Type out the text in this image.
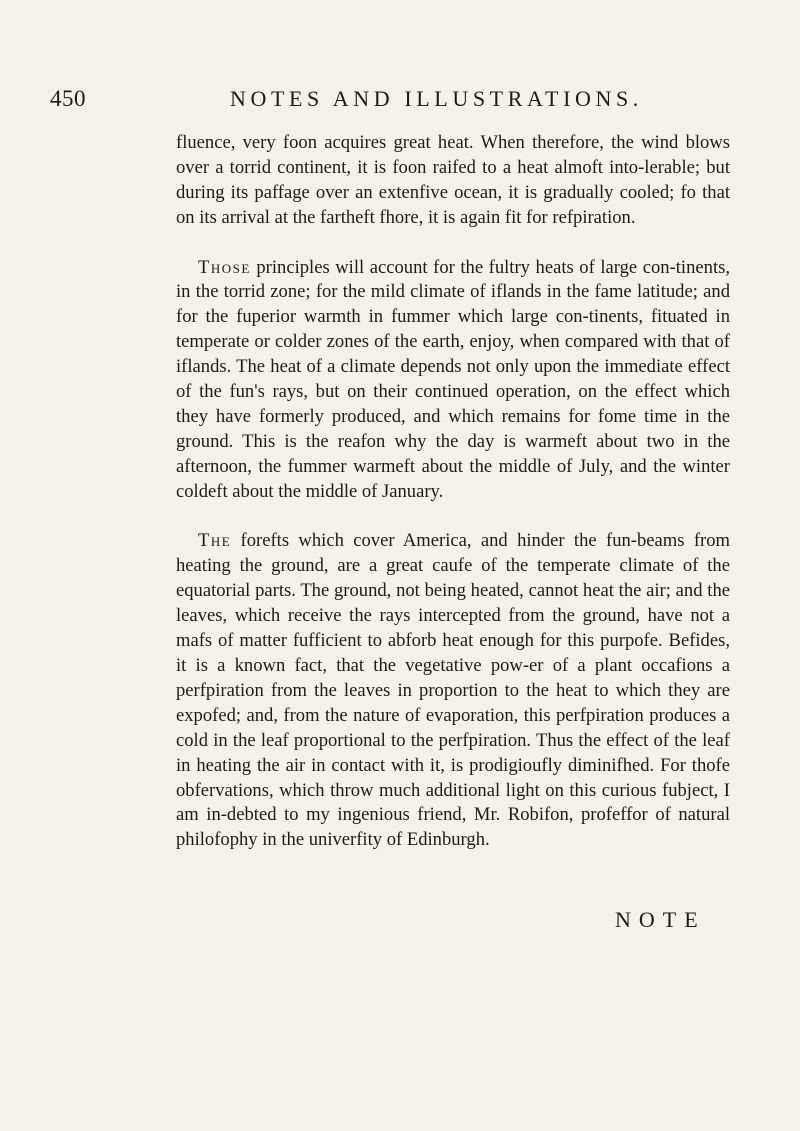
450	NOTES AND ILLUSTRATIONS.

fluence, very foon acquires great heat. When therefore, the wind blows over a torrid continent, it is foon raifed to a heat almoft into-lerable; but during its paffage over an extenfive ocean, it is gradually cooled; fo that on its arrival at the fartheft fhore, it is again fit for refpiration.

Those principles will account for the fultry heats of large con-tinents, in the torrid zone; for the mild climate of iflands in the fame latitude; and for the fuperior warmth in fummer which large con-tinents, fituated in temperate or colder zones of the earth, enjoy, when compared with that of iflands. The heat of a climate depends not only upon the immediate effect of the fun's rays, but on their continued operation, on the effect which they have formerly produced, and which remains for fome time in the ground. This is the reafon why the day is warmeft about two in the afternoon, the fummer warmeft about the middle of July, and the winter coldeft about the middle of January.

The forefts which cover America, and hinder the fun-beams from heating the ground, are a great caufe of the temperate climate of the equatorial parts. The ground, not being heated, cannot heat the air; and the leaves, which receive the rays intercepted from the ground, have not a mafs of matter fufficient to abforb heat enough for this purpofe. Befides, it is a known fact, that the vegetative pow-er of a plant occafions a perfpiration from the leaves in proportion to the heat to which they are expofed; and, from the nature of evaporation, this perfpiration produces a cold in the leaf proportional to the perfpiration. Thus the effect of the leaf in heating the air in contact with it, is prodigioufly diminifhed. For thofe obfervations, which throw much additional light on this curious fubject, I am in-debted to my ingenious friend, Mr. Robifon, profeffor of natural philofophy in the univerfity of Edinburgh.

NOTE
